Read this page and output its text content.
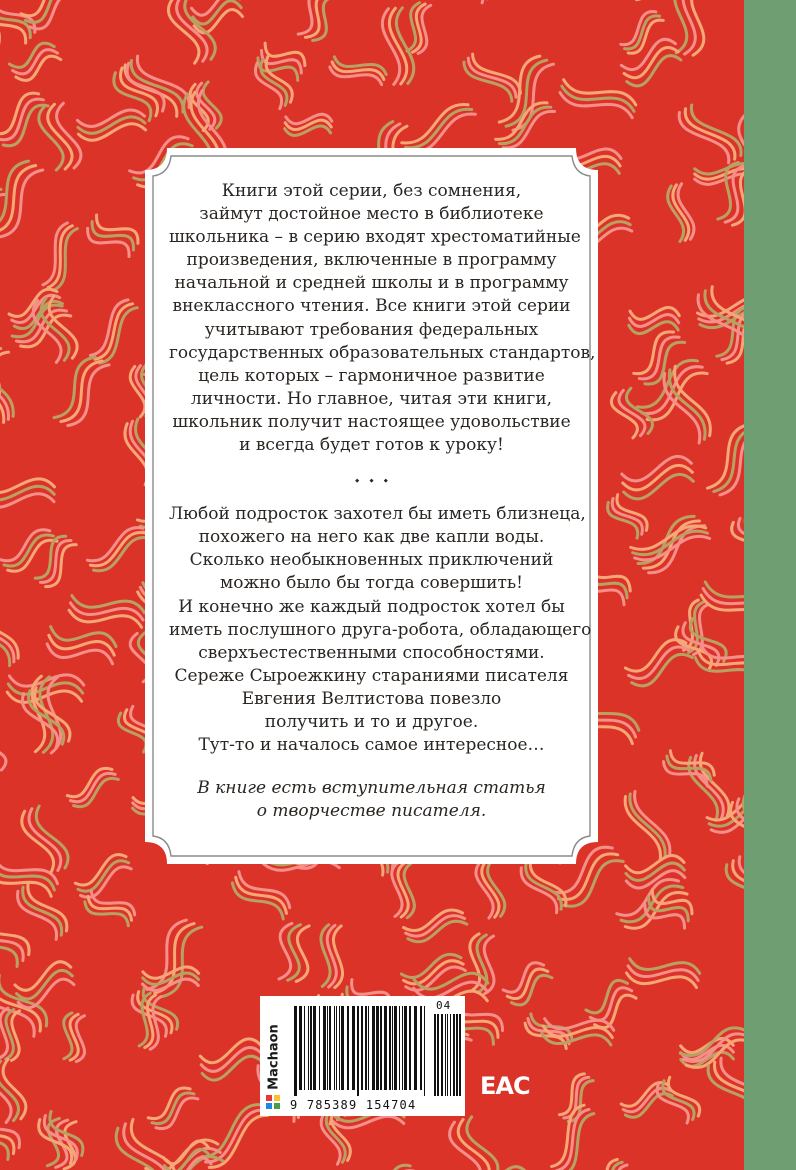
Книги этой серии, без сомнения,
займут достойное место в библиотеке
школьника – в серию входят хрестоматийные
произведения, включенные в программу
начальной и средней школы и в программу
внеклассного чтения. Все книги этой серии
учитывают требования федеральных
государственных образовательных стандартов,
цель которых – гармоничное развитие
личности. Но главное, читая эти книги,
школьник получит настоящее удовольствие
и всегда будет готов к уроку!

⬩⬩⬩

Любой подросток захотел бы иметь близнеца,
похожего на него как две капли воды.
Сколько необыкновенных приключений
можно было бы тогда совершить!
И конечно же каждый подросток хотел бы
иметь послушного друга-робота, обладающего
сверхъестественными способностями.
Сереже Сыроежкину стараниями писателя
Евгения Велтистова повезло
получить и то и другое.
Тут-то и началось самое интересное…

В книге есть вступительная статья
о творчестве писателя.

Machaon
9 785389 154704
04
ЕАС
